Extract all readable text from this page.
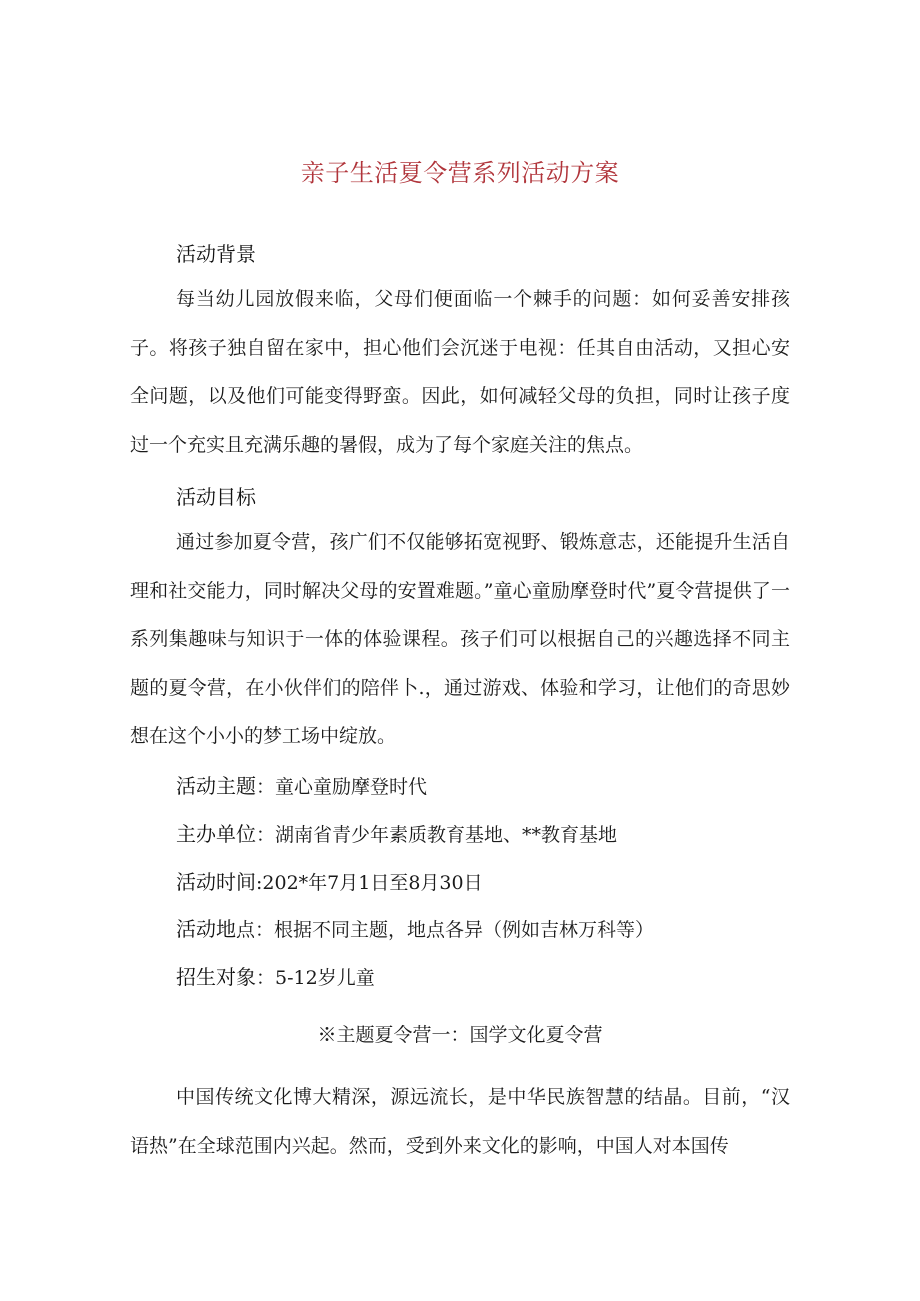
亲子生活夏令营系列活动方案
活动背景
每当幼儿园放假来临，父母们便面临一个棘手的问题：如何妥善安排孩子。将孩子独自留在家中，担心他们会沉迷于电视：任其自由活动，又担心安全问题，以及他们可能变得野蛮。因此，如何减轻父母的负担，同时让孩子度过一个充实且充满乐趣的暑假，成为了每个家庭关注的焦点。
活动目标
通过参加夏令营，孩广们不仅能够拓宽视野、锻炼意志，还能提升生活自理和社交能力，同时解决父母的安置难题。”童心童励摩登时代”夏令营提供了一系列集趣味与知识于一体的体验课程。孩子们可以根据自己的兴趣选择不同主题的夏令营，在小伙伴们的陪伴卜.，通过游戏、体验和学习，让他们的奇思妙想在这个小小的梦工场中绽放。
活动主题：童心童励摩登时代
主办单位：湖南省青少年素质教育基地、**教育基地
活动时间:202*年7月1日至8月30日
活动地点：根据不同主题，地点各异（例如吉林万科等）
招生对象：5-12岁儿童
※主题夏令营一：国学文化夏令营
中国传统文化博大精深，源远流长，是中华民族智慧的结晶。目前，“汉语热”在全球范围内兴起。然而，受到外来文化的影响，中国人对本国传
